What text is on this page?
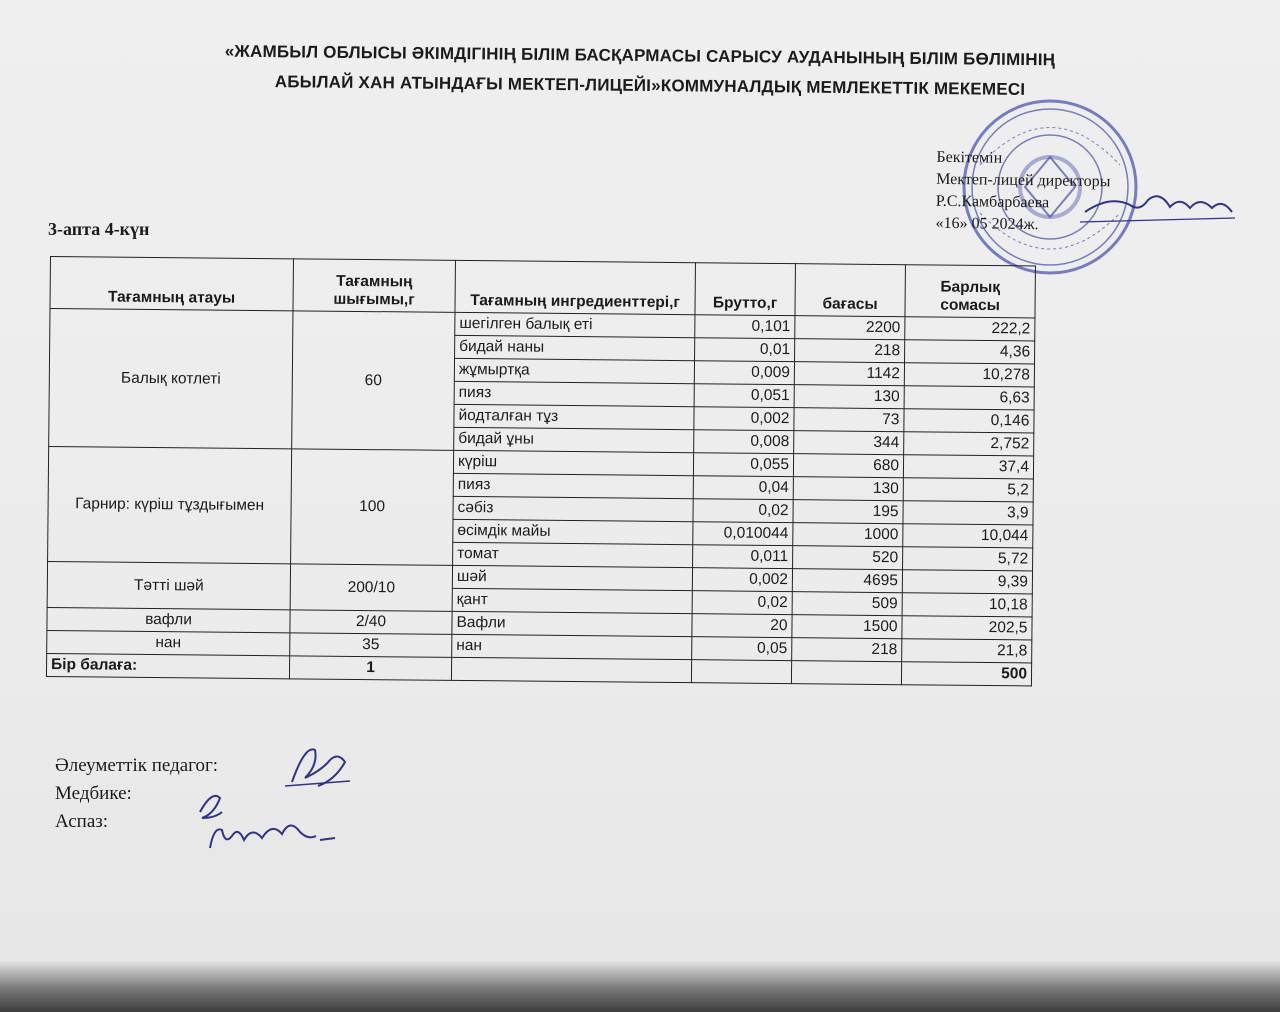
«ЖАМБЫЛ ОБЛЫСЫ ӘКІМДІГІНІҢ БІЛІМ БАСҚАРМАСЫ САРЫСУ АУДАНЫНЫҢ БІЛІМ БӨЛІМІНІҢ
АБЫЛАЙ ХАН АТЫНДАҒЫ МЕКТЕП-ЛИЦЕЙІ»КОММУНАЛДЫҚ МЕМЛЕКЕТТІК МЕКЕМЕСІ
Бекітемін
Мектеп-лицей директоры
Р.С.Камбарбаева
«16» 05 2024ж.
3-апта 4-күн
Тағамның атауы	Тағамның шығымы,г	Тағамның ингредиенттері,г	Брутто,г	бағасы	Барлық сомасы
Балық котлеті	60	шегілген балық еті	0,101	2200	222,2
		бидай наны	0,01	218	4,36
		жұмыртқа	0,009	1142	10,278
		пияз	0,051	130	6,63
		йодталған тұз	0,002	73	0,146
		бидай ұны	0,008	344	2,752
Гарнир: күріш тұздығымен	100	күріш	0,055	680	37,4
		пияз	0,04	130	5,2
		сәбіз	0,02	195	3,9
		өсімдік майы	0,010044	1000	10,044
		томат	0,011	520	5,72
Тәтті шәй	200/10	шәй	0,002	4695	9,39
		қант	0,02	509	10,18
вафли	2/40	Вафли	20	1500	202,5
нан	35	нан	0,05	218	21,8
Бір балаға:	1				500
Әлеуметтік педагог:
Медбике:
Аспаз:
